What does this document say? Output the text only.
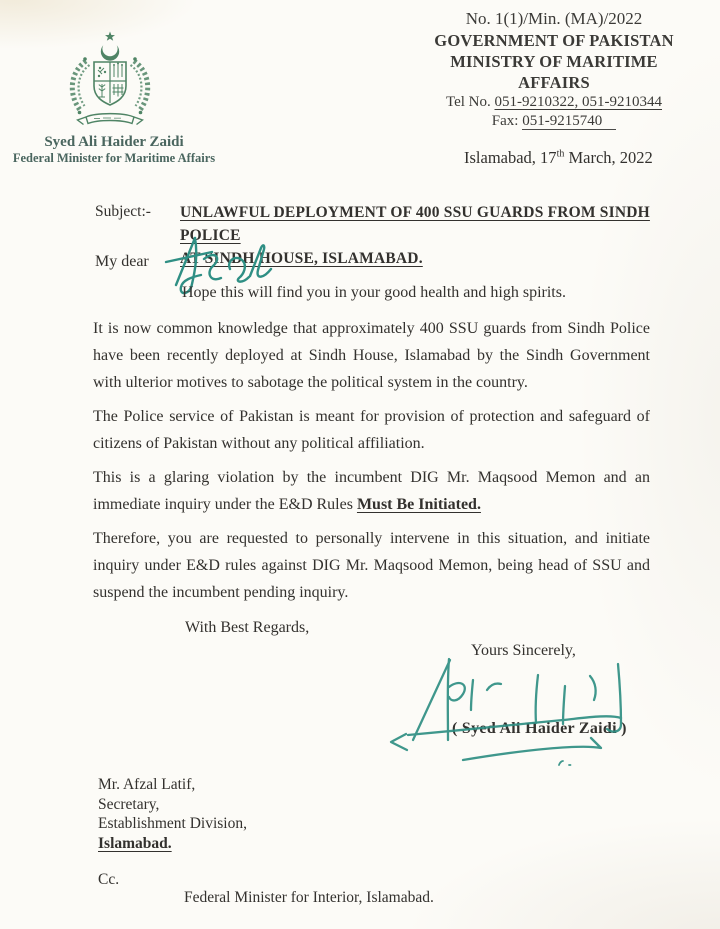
No. 1(1)/Min. (MA)/2022
GOVERNMENT OF PAKISTAN
MINISTRY OF MARITIME AFFAIRS
Tel No. 051-9210322, 051-9210344
Fax: 051-9215740
Syed Ali Haider Zaidi
Federal Minister for Maritime Affairs	Islamabad, 17th March, 2022
Subject:- UNLAWFUL DEPLOYMENT OF 400 SSU GUARDS FROM SINDH POLICE
AT SINDH HOUSE, ISLAMABAD.
My dear
Hope this will find you in your good health and high spirits.

It is now common knowledge that approximately 400 SSU guards from Sindh Police have been recently deployed at Sindh House, Islamabad by the Sindh Government with ulterior motives to sabotage the political system in the country.

The Police service of Pakistan is meant for provision of protection and safeguard of citizens of Pakistan without any political affiliation.

This is a glaring violation by the incumbent DIG Mr. Maqsood Memon and an immediate inquiry under the E&D Rules Must Be Initiated.

Therefore, you are requested to personally intervene in this situation, and initiate inquiry under E&D rules against DIG Mr. Maqsood Memon, being head of SSU and suspend the incumbent pending inquiry.

With Best Regards,

Yours Sincerely,
( Syed Ali Haider Zaidi )
Mr. Afzal Latif,
Secretary,
Establishment Division,
Islamabad.
Cc.
Federal Minister for Interior, Islamabad.
